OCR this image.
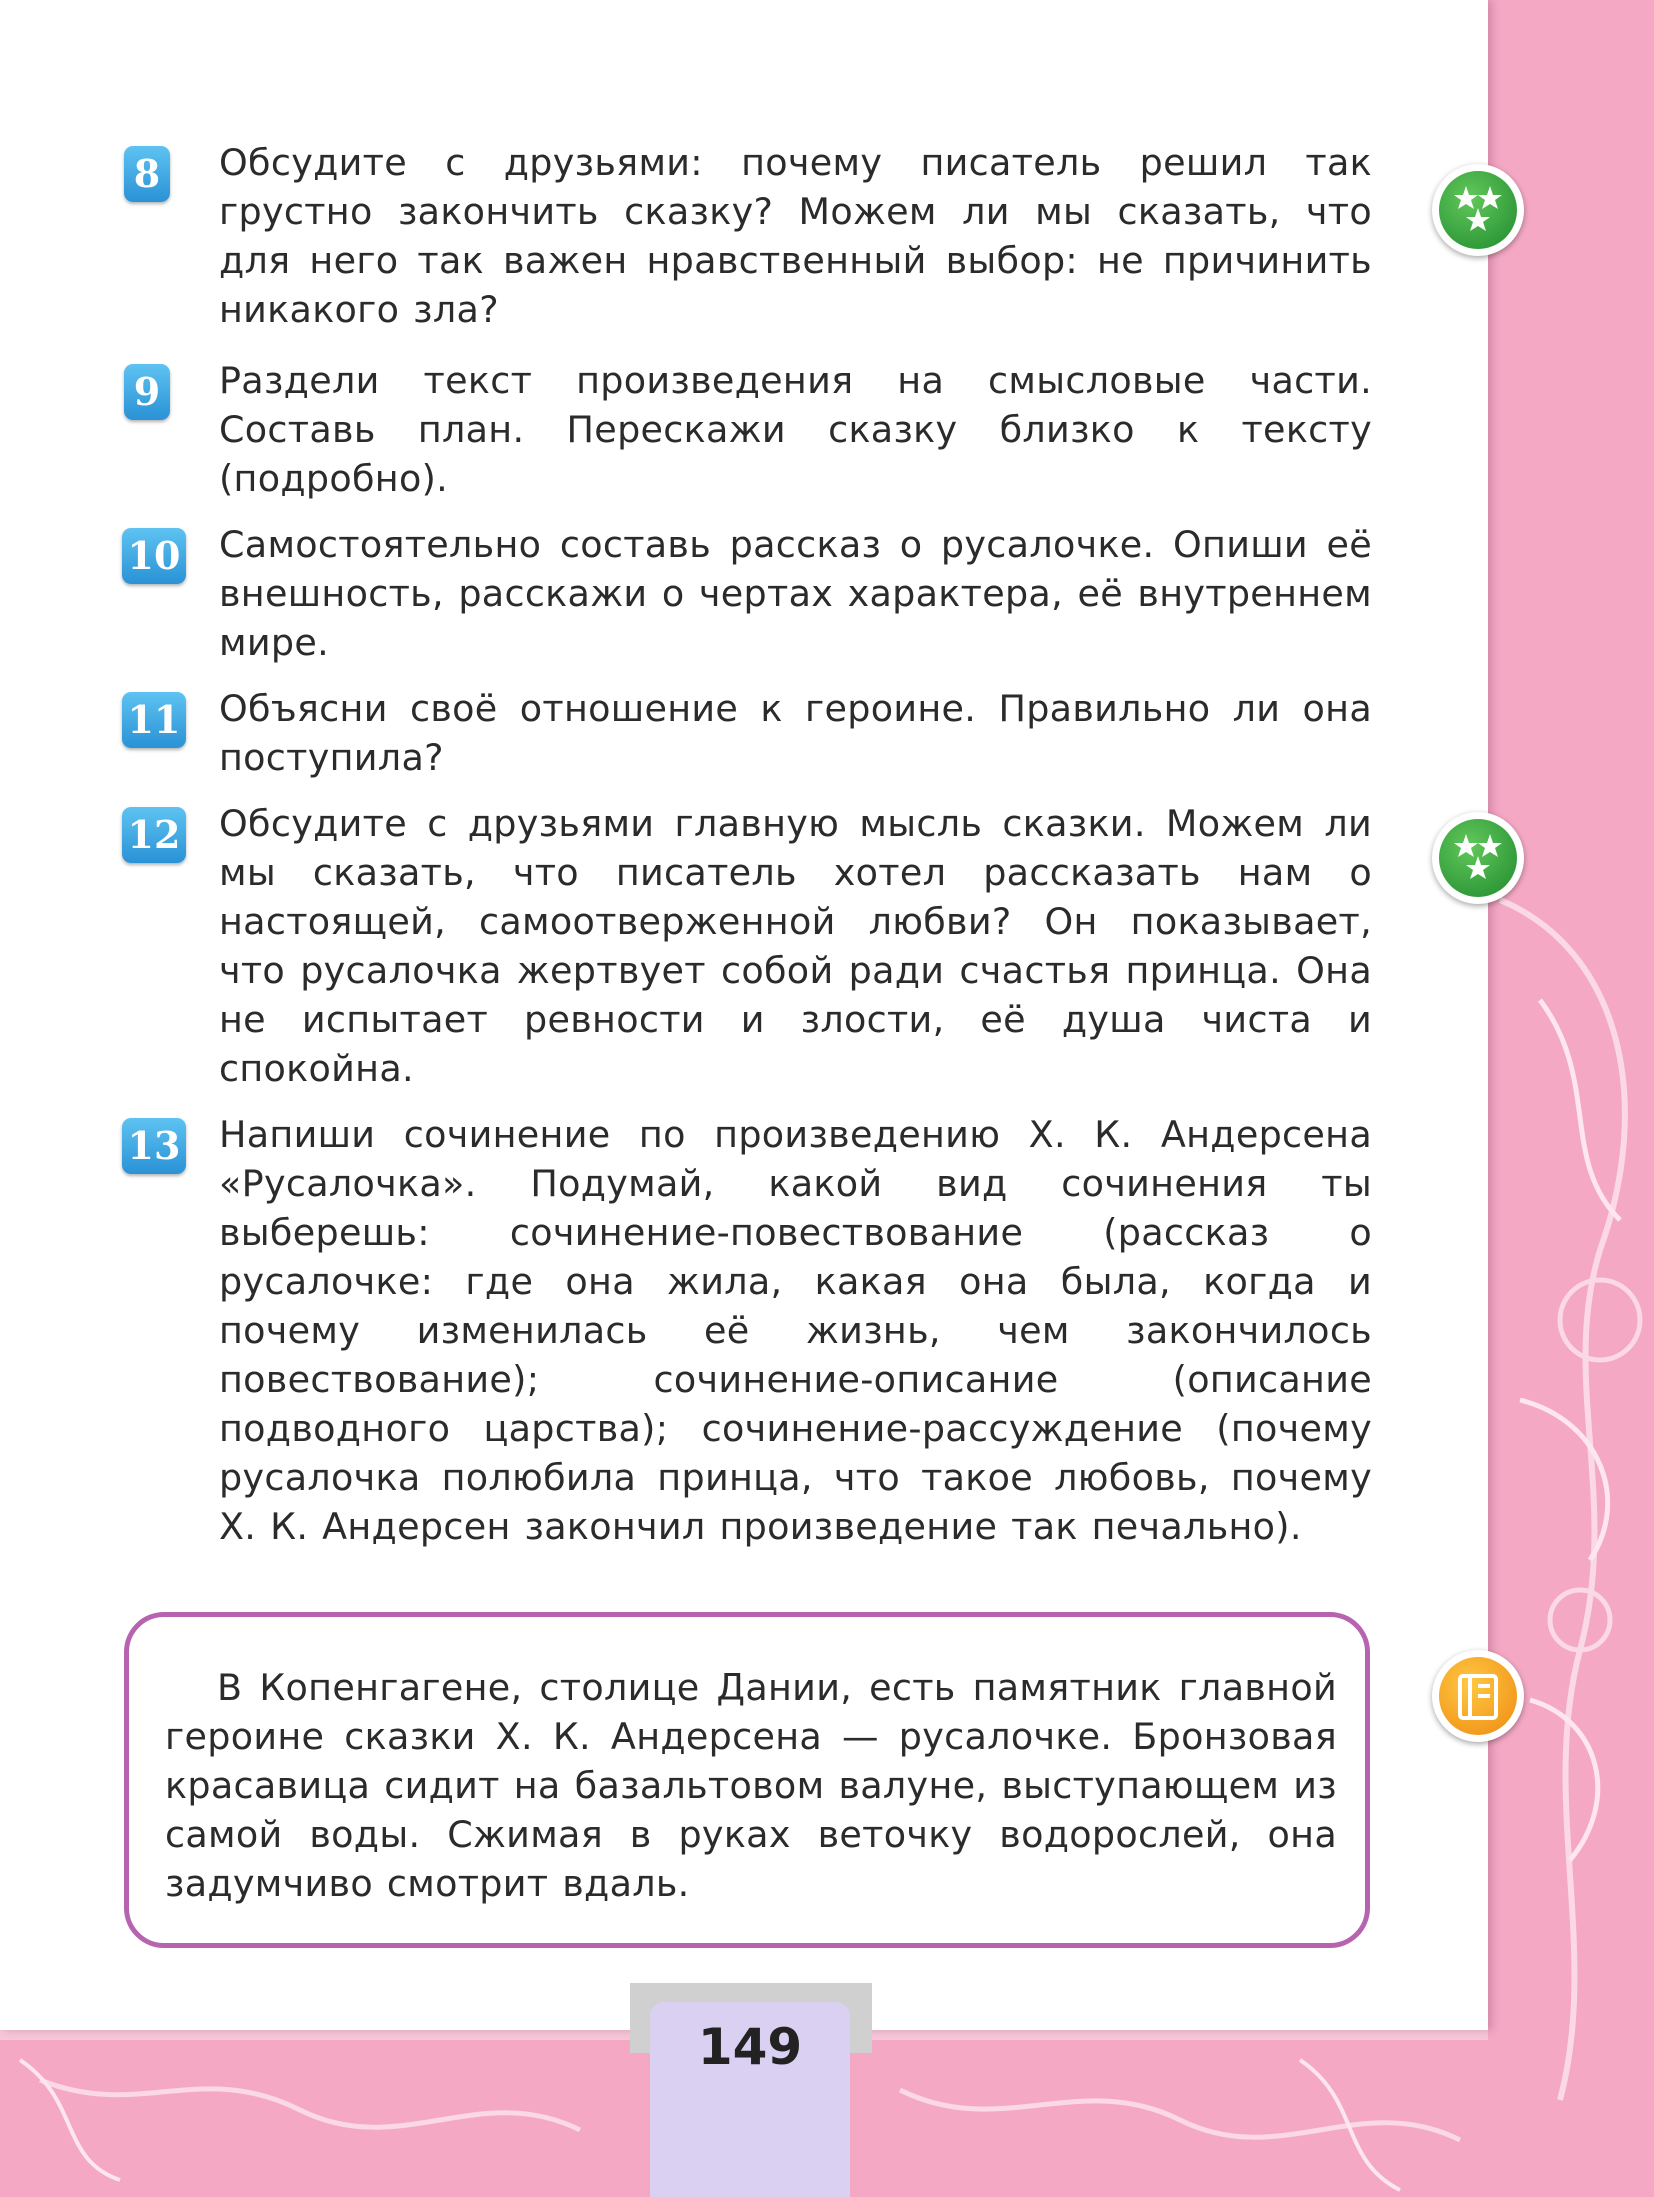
8 Обсудите с друзьями: почему писатель решил так грустно закончить сказку? Можем ли мы сказать, что для него так важен нравственный выбор: не причинить никакого зла?
9 Раздели текст произведения на смысловые части. Составь план. Перескажи сказку близко к тексту (подробно).
10 Самостоятельно составь рассказ о русалочке. Опиши её внешность, расскажи о чертах характера, её внутреннем мире.
11 Объясни своё отношение к героине. Правильно ли она поступила?
12 Обсудите с друзьями главную мысль сказки. Можем ли мы сказать, что писатель хотел рассказать нам о настоящей, самоотверженной любви? Он показывает, что русалочка жертвует собой ради счастья принца. Она не испытает ревности и злости, её душа чиста и спокойна.
13 Напиши сочинение по произведению Х. К. Андерсена «Русалочка». Подумай, какой вид сочинения ты выберешь: сочинение-повествование (рассказ о русалочке: где она жила, какая она была, когда и почему изменилась её жизнь, чем закончилось повествование); сочинение-описание (описание подводного царства); сочинение-рассуждение (почему русалочка полюбила принца, что такое любовь, почему Х. К. Андерсен закончил произведение так печально).
В Копенгагене, столице Дании, есть памятник главной героине сказки Х. К. Андерсена — русалочке. Бронзовая красавица сидит на базальтовом валуне, выступающем из самой воды. Сжимая в руках веточку водорослей, она задумчиво смотрит вдаль.
149
